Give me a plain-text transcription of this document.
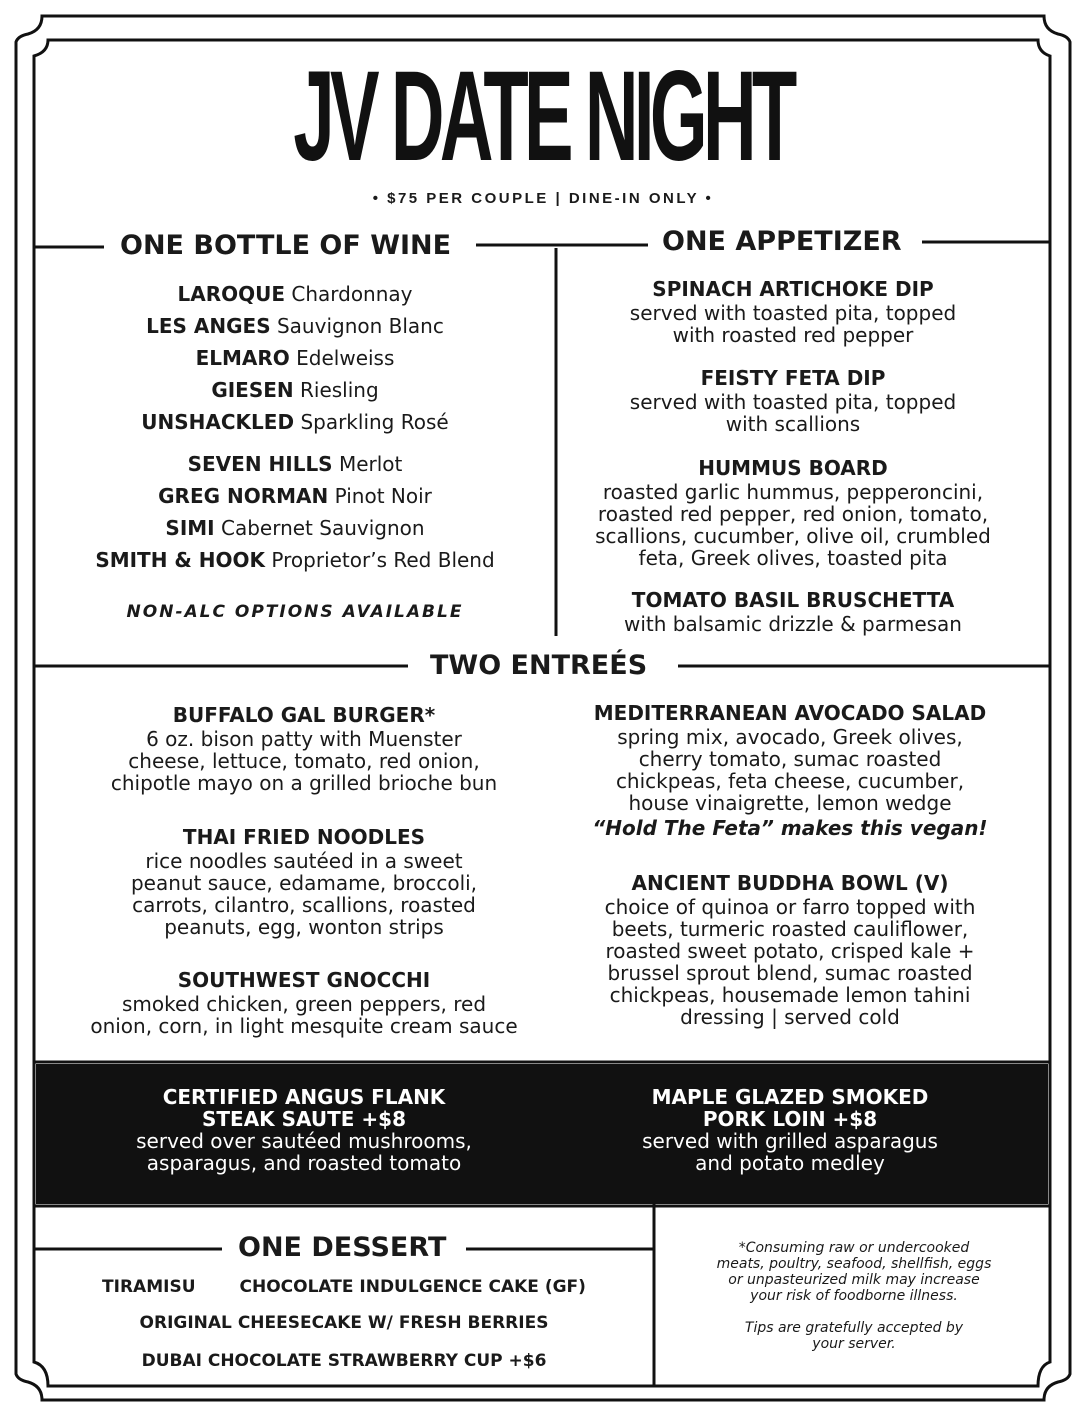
JV DATE NIGHT
• $75 PER COUPLE | DINE-IN ONLY •
ONE BOTTLE OF WINE
LAROQUE Chardonnay
LES ANGES Sauvignon Blanc
ELMARO Edelweiss
GIESEN Riesling
UNSHACKLED Sparkling Rosé
SEVEN HILLS Merlot
GREG NORMAN Pinot Noir
SIMI Cabernet Sauvignon
SMITH & HOOK Proprietor’s Red Blend
NON-ALC OPTIONS AVAILABLE
ONE APPETIZER
SPINACH ARTICHOKE DIP
served with toasted pita, topped
with roasted red pepper
FEISTY FETA DIP
served with toasted pita, topped
with scallions
HUMMUS BOARD
roasted garlic hummus, pepperoncini,
roasted red pepper, red onion, tomato,
scallions, cucumber, olive oil, crumbled
feta, Greek olives, toasted pita
TOMATO BASIL BRUSCHETTA
with balsamic drizzle & parmesan
TWO ENTREÉS
BUFFALO GAL BURGER*
6 oz. bison patty with Muenster
cheese, lettuce, tomato, red onion,
chipotle mayo on a grilled brioche bun
THAI FRIED NOODLES
rice noodles sautéed in a sweet
peanut sauce, edamame, broccoli,
carrots, cilantro, scallions, roasted
peanuts, egg, wonton strips
SOUTHWEST GNOCCHI
smoked chicken, green peppers, red
onion, corn, in light mesquite cream sauce
MEDITERRANEAN AVOCADO SALAD
spring mix, avocado, Greek olives,
cherry tomato, sumac roasted
chickpeas, feta cheese, cucumber,
house vinaigrette, lemon wedge
“Hold The Feta” makes this vegan!
ANCIENT BUDDHA BOWL (V)
choice of quinoa or farro topped with
beets, turmeric roasted cauliflower,
roasted sweet potato, crisped kale +
brussel sprout blend, sumac roasted
chickpeas, housemade lemon tahini
dressing | served cold
CERTIFIED ANGUS FLANK
STEAK SAUTE +$8
served over sautéed mushrooms,
asparagus, and roasted tomato
MAPLE GLAZED SMOKED
PORK LOIN +$8
served with grilled asparagus
and potato medley
ONE DESSERT
TIRAMISU	CHOCOLATE INDULGENCE CAKE (GF)
ORIGINAL CHEESECAKE W/ FRESH BERRIES
DUBAI CHOCOLATE STRAWBERRY CUP +$6
*Consuming raw or undercooked
meats, poultry, seafood, shellfish, eggs
or unpasteurized milk may increase
your risk of foodborne illness.
Tips are gratefully accepted by
your server.
